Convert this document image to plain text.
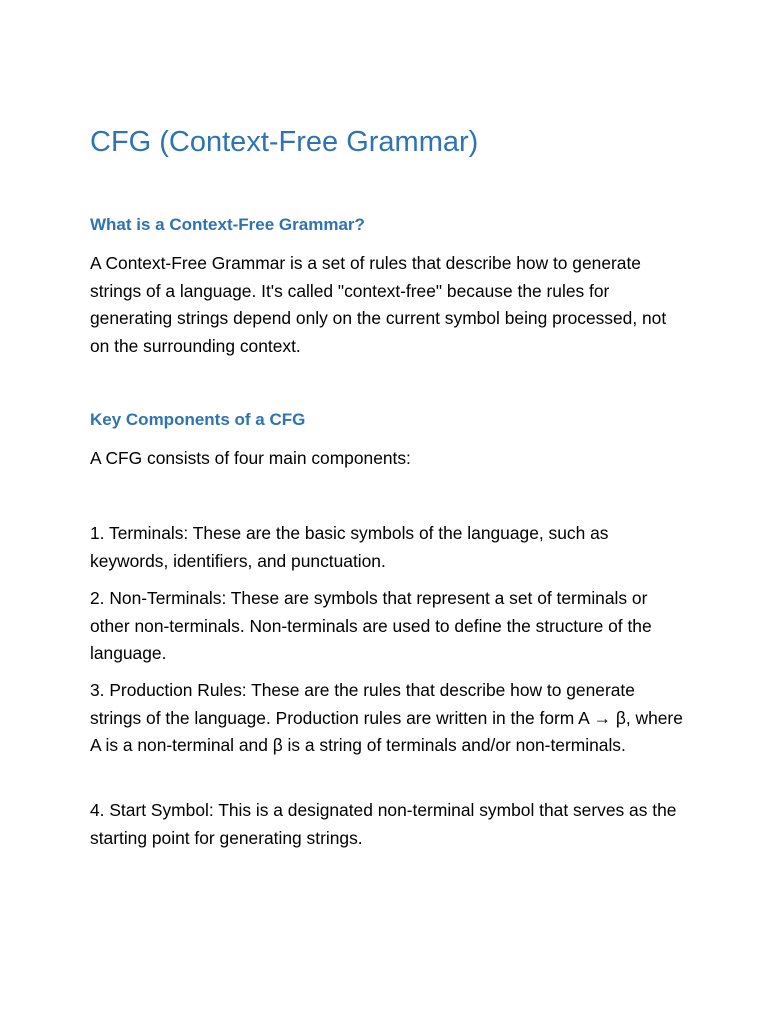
CFG (Context-Free Grammar)
What is a Context-Free Grammar?

A Context-Free Grammar is a set of rules that describe how to generate strings of a language. It's called "context-free" because the rules for generating strings depend only on the current symbol being processed, not on the surrounding context.

Key Components of a CFG

A CFG consists of four main components:

1. Terminals: These are the basic symbols of the language, such as keywords, identifiers, and punctuation.

2. Non-Terminals: These are symbols that represent a set of terminals or other non-terminals. Non-terminals are used to define the structure of the language.

3. Production Rules: These are the rules that describe how to generate strings of the language. Production rules are written in the form A → β, where A is a non-terminal and β is a string of terminals and/or non-terminals.

4. Start Symbol: This is a designated non-terminal symbol that serves as the starting point for generating strings.
